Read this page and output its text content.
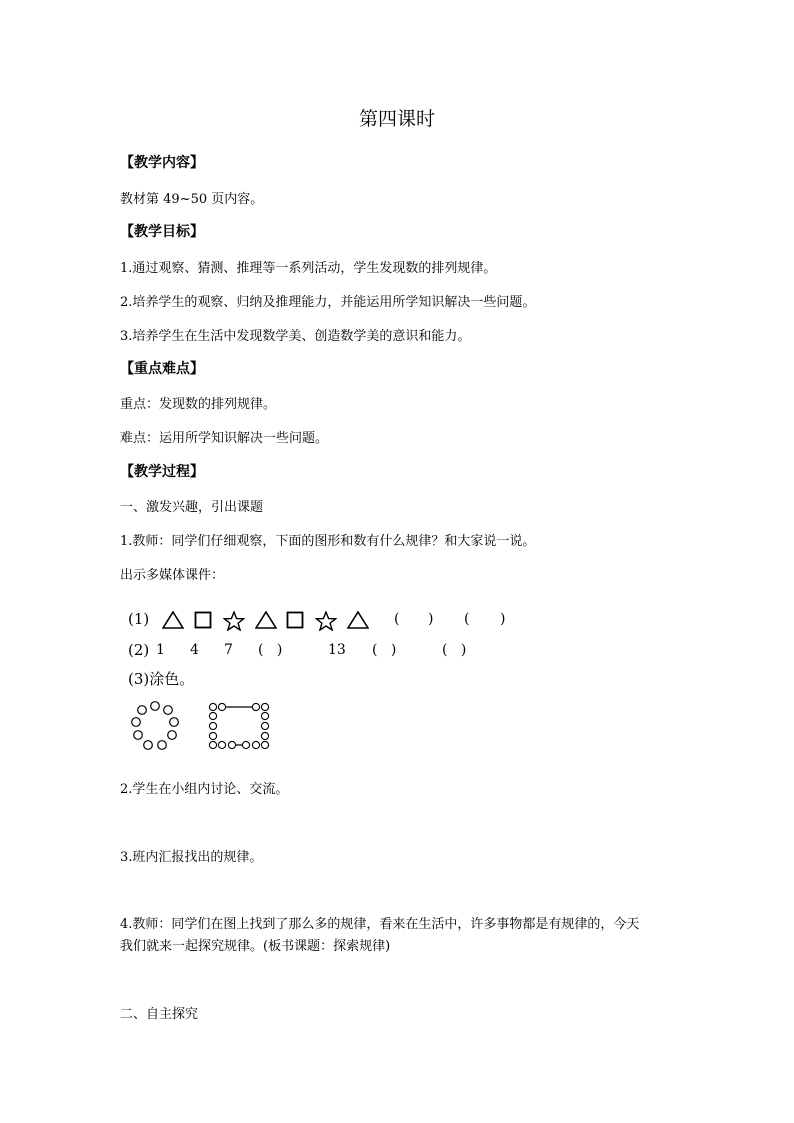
第四课时
【教学内容】
教材第 49~50 页内容。
【教学目标】
1.通过观察、猜测、推理等一系列活动，学生发现数的排列规律。
2.培养学生的观察、归纳及推理能力，并能运用所学知识解决一些问题。
3.培养学生在生活中发现数学美、创造数学美的意识和能力。
【重点难点】
重点：发现数的排列规律。
难点：运用所学知识解决一些问题。
【教学过程】
一、激发兴趣，引出课题
1.教师：同学们仔细观察，下面的图形和数有什么规律？和大家说一说。
出示多媒体课件：
(1)	( ) ( )
(2) 1 4 7 (   )	13 (   )	(   )
(3)涂色。
2.学生在小组内讨论、交流。
3.班内汇报找出的规律。
4.教师：同学们在图上找到了那么多的规律，看来在生活中，许多事物都是有规律的，今天
我们就来一起探究规律。(板书课题：探索规律)
二、自主探究
